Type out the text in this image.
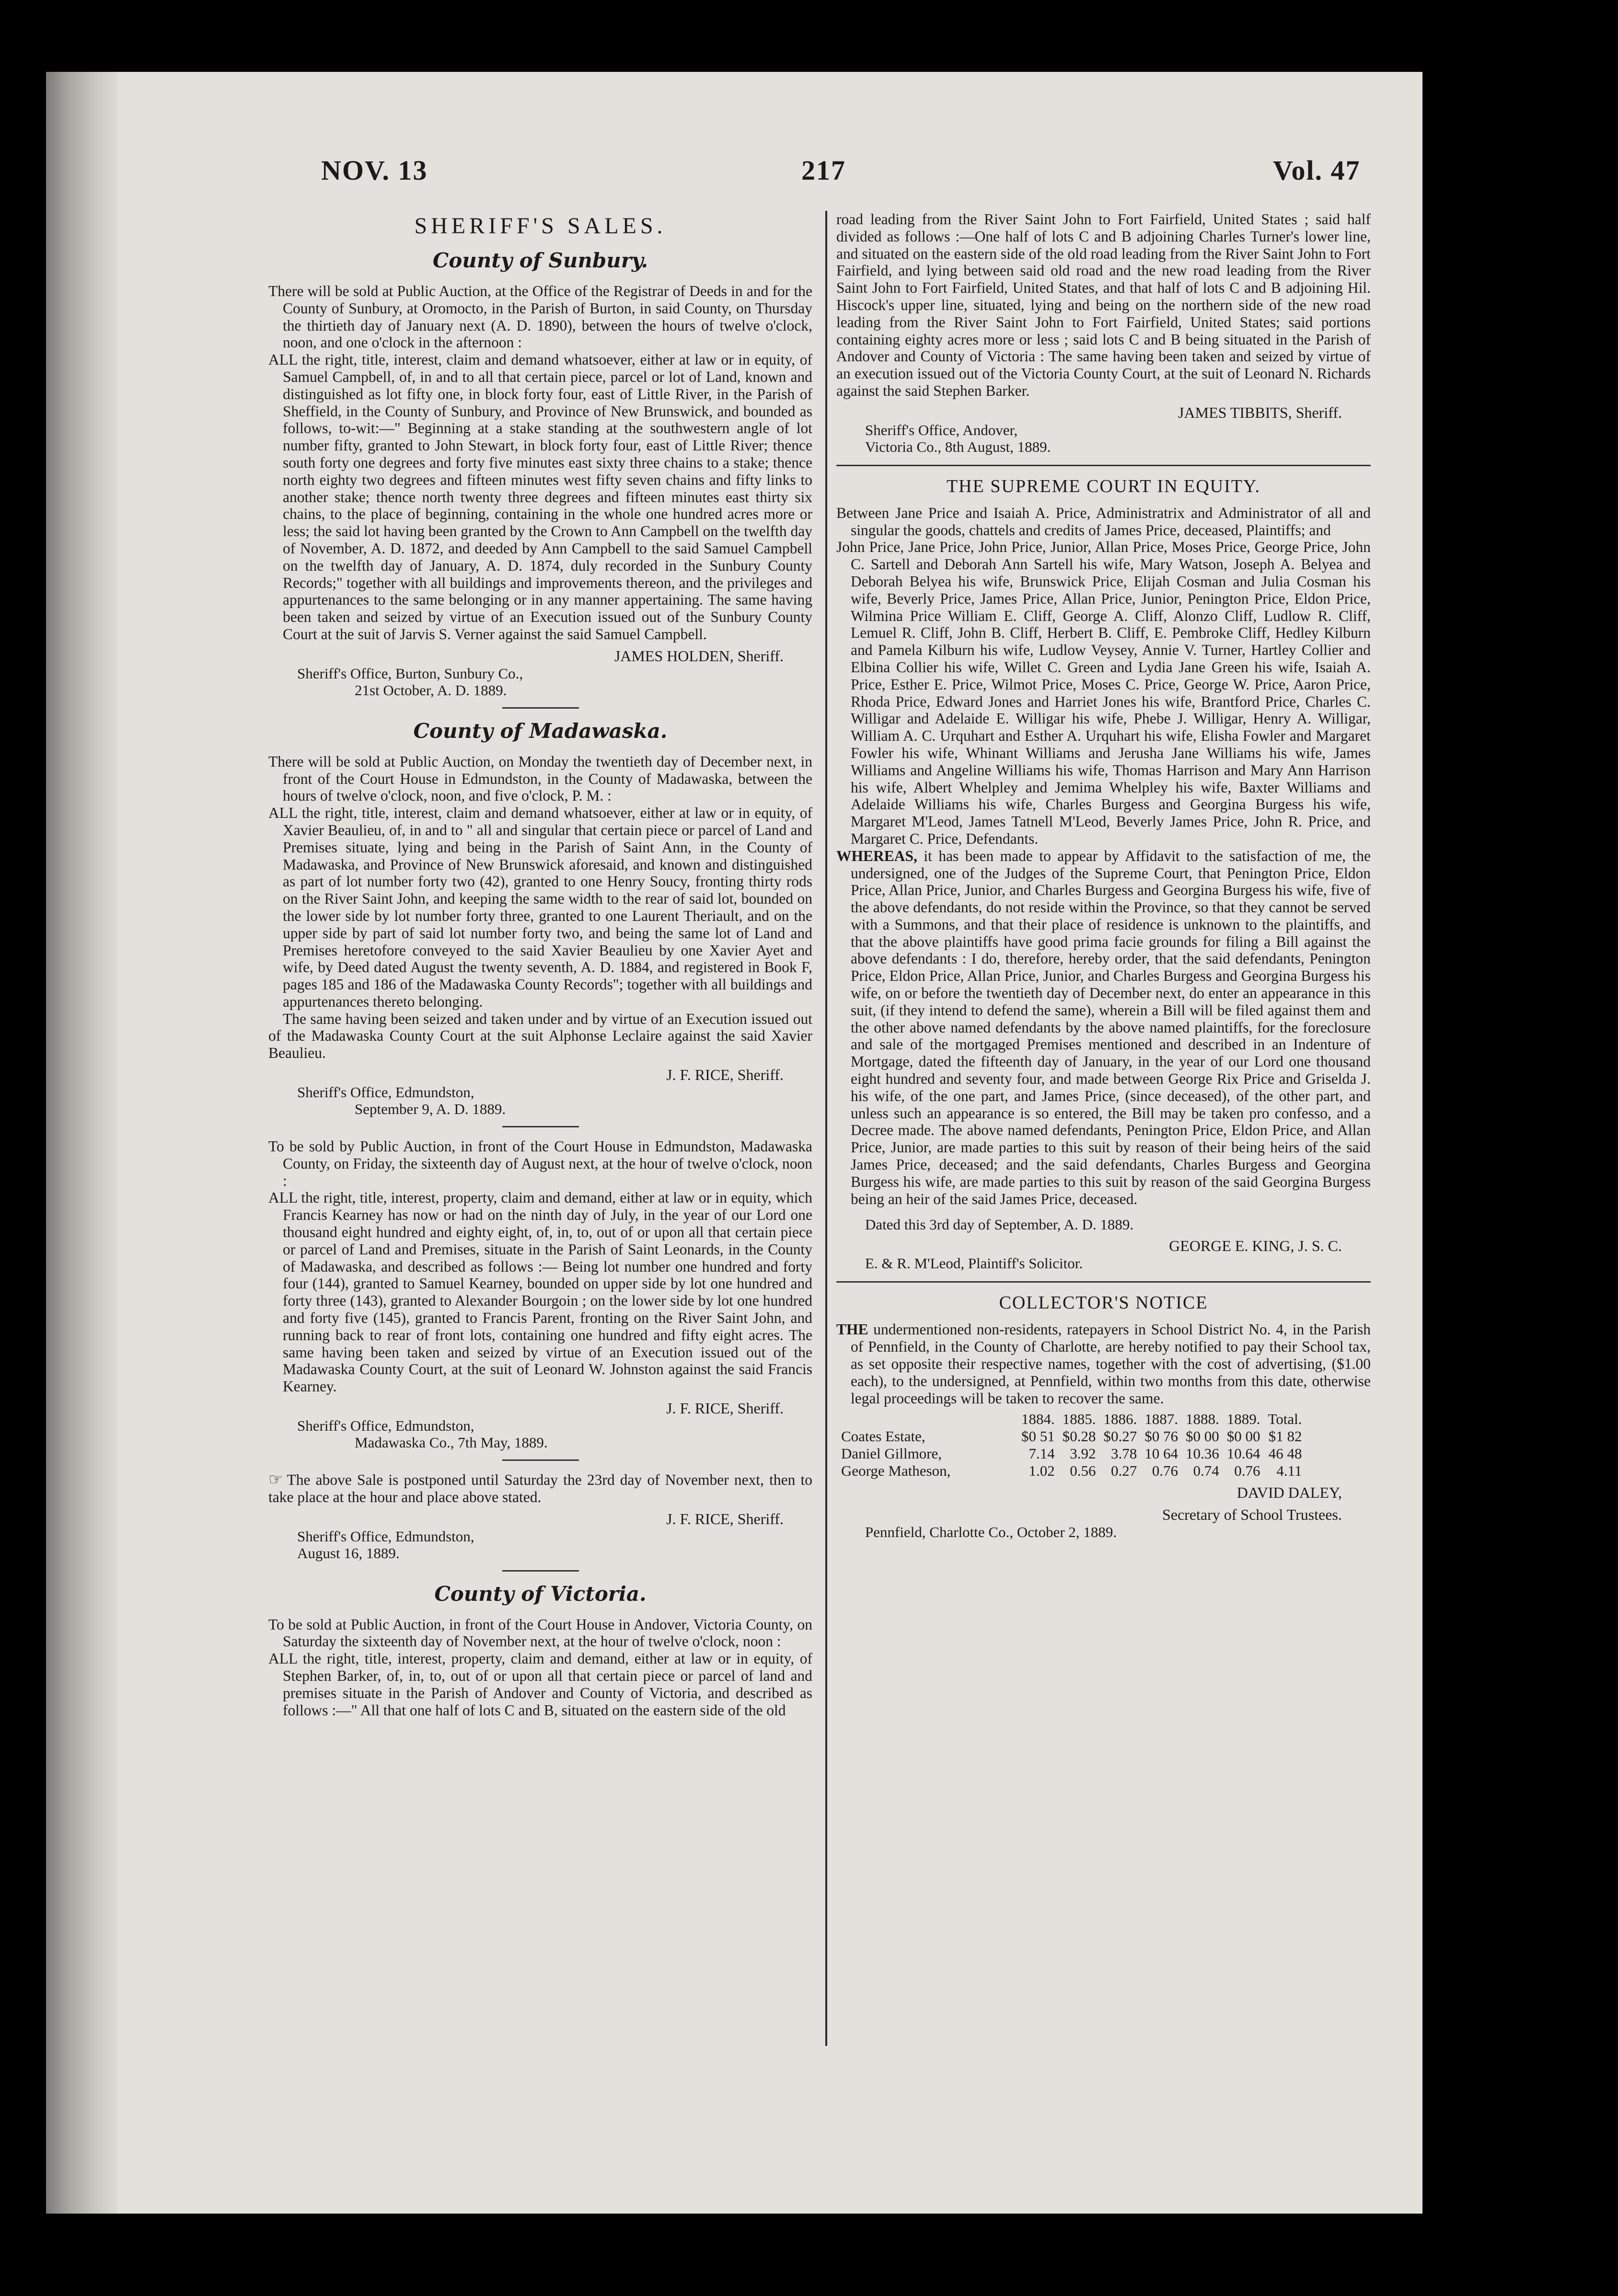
NOV. 13	217	Vol. 47
SHERIFF'S SALES.
County of Sunbury.

There will be sold at Public Auction, at the Office of the Registrar of Deeds in and for the County of Sunbury, at Oromocto, in the Parish of Burton, in said County, on Thursday the thirtieth day of January next (A. D. 1890), between the hours of twelve o'clock, noon, and one o'clock in the afternoon :

ALL the right, title, interest, claim and demand whatsoever, either at law or in equity, of Samuel Campbell, of, in and to all that certain piece, parcel or lot of Land, known and distinguished as lot fifty one, in block forty four, east of Little River, in the Parish of Sheffield, in the County of Sunbury, and Province of New Brunswick, and bounded as follows, to-wit:—" Beginning at a stake standing at the southwestern angle of lot number fifty, granted to John Stewart, in block forty four, east of Little River; thence south forty one degrees and forty five minutes east sixty three chains to a stake; thence north eighty two degrees and fifteen minutes west fifty seven chains and fifty links to another stake; thence north twenty three degrees and fifteen minutes east thirty six chains, to the place of beginning, containing in the whole one hundred acres more or less; the said lot having been granted by the Crown to Ann Campbell on the twelfth day of November, A. D. 1872, and deeded by Ann Campbell to the said Samuel Campbell on the twelfth day of January, A. D. 1874, duly recorded in the Sunbury County Records;" together with all buildings and improvements thereon, and the privileges and appurtenances to the same belonging or in any manner appertaining. The same having been taken and seized by virtue of an Execution issued out of the Sunbury County Court at the suit of Jarvis S. Verner against the said Samuel Campbell.

JAMES HOLDEN, Sheriff.
Sheriff's Office, Burton, Sunbury Co.,
21st October, A. D. 1889.
County of Madawaska.

There will be sold at Public Auction, on Monday the twentieth day of December next, in front of the Court House in Edmundston, in the County of Madawaska, between the hours of twelve o'clock, noon, and five o'clock, P. M. :

ALL the right, title, interest, claim and demand whatsoever, either at law or in equity, of Xavier Beaulieu, of, in and to " all and singular that certain piece or parcel of Land and Premises situate, lying and being in the Parish of Saint Ann, in the County of Madawaska, and Province of New Brunswick aforesaid, and known and distinguished as part of lot number forty two (42), granted to one Henry Soucy, fronting thirty rods on the River Saint John, and keeping the same width to the rear of said lot, bounded on the lower side by lot number forty three, granted to one Laurent Theriault, and on the upper side by part of said lot number forty two, and being the same lot of Land and Premises heretofore conveyed to the said Xavier Beaulieu by one Xavier Ayet and wife, by Deed dated August the twenty seventh, A. D. 1884, and registered in Book F, pages 185 and 186 of the Madawaska County Records"; together with all buildings and appurtenances thereto belonging.

The same having been seized and taken under and by virtue of an Execution issued out of the Madawaska County Court at the suit Alphonse Leclaire against the said Xavier Beaulieu.

J. F. RICE, Sheriff.
Sheriff's Office, Edmundston,
September 9, A. D. 1889.

To be sold by Public Auction, in front of the Court House in Edmundston, Madawaska County, on Friday, the sixteenth day of August next, at the hour of twelve o'clock, noon :

ALL the right, title, interest, property, claim and demand, either at law or in equity, which Francis Kearney has now or had on the ninth day of July, in the year of our Lord one thousand eight hundred and eighty eight, of, in, to, out of or upon all that certain piece or parcel of Land and Premises, situate in the Parish of Saint Leonards, in the County of Madawaska, and described as follows :— Being lot number one hundred and forty four (144), granted to Samuel Kearney, bounded on upper side by lot one hundred and forty three (143), granted to Alexander Bourgoin ; on the lower side by lot one hundred and forty five (145), granted to Francis Parent, fronting on the River Saint John, and running back to rear of front lots, containing one hundred and fifty eight acres. The same having been taken and seized by virtue of an Execution issued out of the Madawaska County Court, at the suit of Leonard W. Johnston against the said Francis Kearney.

J. F. RICE, Sheriff.
Sheriff's Office, Edmundston,
Madawaska Co., 7th May, 1889.

☞ The above Sale is postponed until Saturday the 23rd day of November next, then to take place at the hour and place above stated.

J. F. RICE, Sheriff.
Sheriff's Office, Edmundston,
August 16, 1889.
County of Victoria.

To be sold at Public Auction, in front of the Court House in Andover, Victoria County, on Saturday the sixteenth day of November next, at the hour of twelve o'clock, noon :

ALL the right, title, interest, property, claim and demand, either at law or in equity, of Stephen Barker, of, in, to, out of or upon all that certain piece or parcel of land and premises situate in the Parish of Andover and County of Victoria, and described as follows :—" All that one half of lots C and B, situated on the eastern side of the old

road leading from the River Saint John to Fort Fairfield, United States ; said half divided as follows :—One half of lots C and B adjoining Charles Turner's lower line, and situated on the eastern side of the old road leading from the River Saint John to Fort Fairfield, and lying between said old road and the new road leading from the River Saint John to Fort Fairfield, United States, and that half of lots C and B adjoining Hil. Hiscock's upper line, situated, lying and being on the northern side of the new road leading from the River Saint John to Fort Fairfield, United States; said portions containing eighty acres more or less ; said lots C and B being situated in the Parish of Andover and County of Victoria : The same having been taken and seized by virtue of an execution issued out of the Victoria County Court, at the suit of Leonard N. Richards against the said Stephen Barker.

JAMES TIBBITS, Sheriff.
Sheriff's Office, Andover,
Victoria Co., 8th August, 1889.
THE SUPREME COURT IN EQUITY.

Between Jane Price and Isaiah A. Price, Administratrix and Administrator of all and singular the goods, chattels and credits of James Price, deceased, Plaintiffs; and

John Price, Jane Price, John Price, Junior, Allan Price, Moses Price, George Price, John C. Sartell and Deborah Ann Sartell his wife, Mary Watson, Joseph A. Belyea and Deborah Belyea his wife, Brunswick Price, Elijah Cosman and Julia Cosman his wife, Beverly Price, James Price, Allan Price, Junior, Penington Price, Eldon Price, Wilmina Price William E. Cliff, George A. Cliff, Alonzo Cliff, Ludlow R. Cliff, Lemuel R. Cliff, John B. Cliff, Herbert B. Cliff, E. Pembroke Cliff, Hedley Kilburn and Pamela Kilburn his wife, Ludlow Veysey, Annie V. Turner, Hartley Collier and Elbina Collier his wife, Willet C. Green and Lydia Jane Green his wife, Isaiah A. Price, Esther E. Price, Wilmot Price, Moses C. Price, George W. Price, Aaron Price, Rhoda Price, Edward Jones and Harriet Jones his wife, Brantford Price, Charles C. Willigar and Adelaide E. Willigar his wife, Phebe J. Willigar, Henry A. Willigar, William A. C. Urquhart and Esther A. Urquhart his wife, Elisha Fowler and Margaret Fowler his wife, Whinant Williams and Jerusha Jane Williams his wife, James Williams and Angeline Williams his wife, Thomas Harrison and Mary Ann Harrison his wife, Albert Whelpley and Jemima Whelpley his wife, Baxter Williams and Adelaide Williams his wife, Charles Burgess and Georgina Burgess his wife, Margaret M'Leod, James Tatnell M'Leod, Beverly James Price, John R. Price, and Margaret C. Price, Defendants.

WHEREAS, it has been made to appear by Affidavit to the satisfaction of me, the undersigned, one of the Judges of the Supreme Court, that Penington Price, Eldon Price, Allan Price, Junior, and Charles Burgess and Georgina Burgess his wife, five of the above defendants, do not reside within the Province, so that they cannot be served with a Summons, and that their place of residence is unknown to the plaintiffs, and that the above plaintiffs have good prima facie grounds for filing a Bill against the above defendants : I do, therefore, hereby order, that the said defendants, Penington Price, Eldon Price, Allan Price, Junior, and Charles Burgess and Georgina Burgess his wife, on or before the twentieth day of December next, do enter an appearance in this suit, (if they intend to defend the same), wherein a Bill will be filed against them and the other above named defendants by the above named plaintiffs, for the foreclosure and sale of the mortgaged Premises mentioned and described in an Indenture of Mortgage, dated the fifteenth day of January, in the year of our Lord one thousand eight hundred and seventy four, and made between George Rix Price and Griselda J. his wife, of the one part, and James Price, (since deceased), of the other part, and unless such an appearance is so entered, the Bill may be taken pro confesso, and a Decree made. The above named defendants, Penington Price, Eldon Price, and Allan Price, Junior, are made parties to this suit by reason of their being heirs of the said James Price, deceased; and the said defendants, Charles Burgess and Georgina Burgess his wife, are made parties to this suit by reason of the said Georgina Burgess being an heir of the said James Price, deceased.

Dated this 3rd day of September, A. D. 1889.
GEORGE E. KING, J. S. C.
E. & R. M'Leod, Plaintiff's Solicitor.
COLLECTOR'S NOTICE

THE undermentioned non-residents, ratepayers in School District No. 4, in the Parish of Pennfield, in the County of Charlotte, are hereby notified to pay their School tax, as set opposite their respective names, together with the cost of advertising, ($1.00 each), to the undersigned, at Pennfield, within two months from this date, otherwise legal proceedings will be taken to recover the same.

	1884.	1885.	1886.	1887.	1888.	1889.	Total.
Coates Estate,	$0 51	$0.28	$0.27	$0 76	$0 00	$0 00	$1 82
Daniel Gillmore,	7.14	3.92	3.78	10 64	10.36	10.64	46 48
George Matheson,	1.02	0.56	0.27	0.76	0.74	0.76	4.11
DAVID DALEY,
Secretary of School Trustees.
Pennfield, Charlotte Co., October 2, 1889.
